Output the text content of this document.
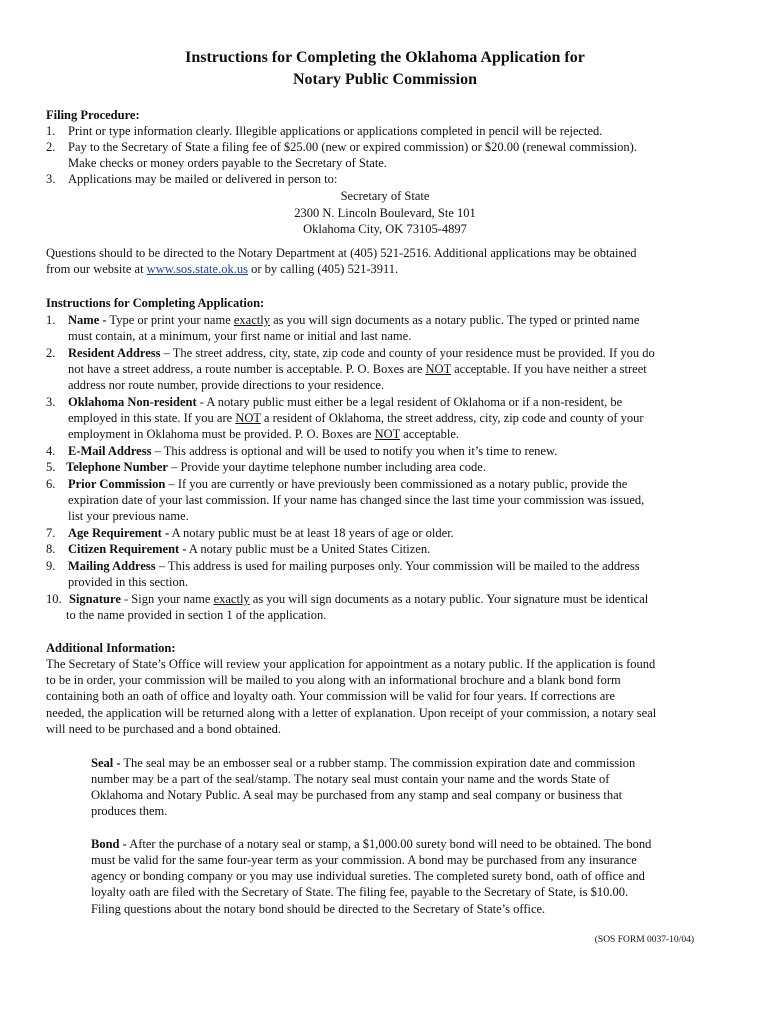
Instructions for Completing the Oklahoma Application for
Notary Public Commission
Filing Procedure:
1. Print or type information clearly. Illegible applications or applications completed in pencil will be rejected.
2. Pay to the Secretary of State a filing fee of $25.00 (new or expired commission) or $20.00 (renewal commission).
Make checks or money orders payable to the Secretary of State.
3. Applications may be mailed or delivered in person to:
Secretary of State
2300 N. Lincoln Boulevard, Ste 101
Oklahoma City, OK 73105-4897
Questions should to be directed to the Notary Department at (405) 521-2516. Additional applications may be obtained
from our website at www.sos.state.ok.us or by calling (405) 521-3911.
Instructions for Completing Application:
1. Name - Type or print your name exactly as you will sign documents as a notary public. The typed or printed name
must contain, at a minimum, your first name or initial and last name.
2. Resident Address – The street address, city, state, zip code and county of your residence must be provided. If you do
not have a street address, a route number is acceptable. P. O. Boxes are NOT acceptable. If you have neither a street
address nor route number, provide directions to your residence.
3. Oklahoma Non-resident - A notary public must either be a legal resident of Oklahoma or if a non-resident, be
employed in this state. If you are NOT a resident of Oklahoma, the street address, city, zip code and county of your
employment in Oklahoma must be provided. P. O. Boxes are NOT acceptable.
4. E-Mail Address – This address is optional and will be used to notify you when it’s time to renew.
5. Telephone Number – Provide your daytime telephone number including area code.
6. Prior Commission – If you are currently or have previously been commissioned as a notary public, provide the
expiration date of your last commission. If your name has changed since the last time your commission was issued,
list your previous name.
7. Age Requirement - A notary public must be at least 18 years of age or older.
8. Citizen Requirement - A notary public must be a United States Citizen.
9. Mailing Address – This address is used for mailing purposes only. Your commission will be mailed to the address
provided in this section.
10. Signature - Sign your name exactly as you will sign documents as a notary public. Your signature must be identical
to the name provided in section 1 of the application.
Additional Information:
The Secretary of State’s Office will review your application for appointment as a notary public. If the application is found
to be in order, your commission will be mailed to you along with an informational brochure and a blank bond form
containing both an oath of office and loyalty oath. Your commission will be valid for four years. If corrections are
needed, the application will be returned along with a letter of explanation. Upon receipt of your commission, a notary seal
will need to be purchased and a bond obtained.
Seal - The seal may be an embosser seal or a rubber stamp. The commission expiration date and commission
number may be a part of the seal/stamp. The notary seal must contain your name and the words State of
Oklahoma and Notary Public. A seal may be purchased from any stamp and seal company or business that
produces them.
Bond - After the purchase of a notary seal or stamp, a $1,000.00 surety bond will need to be obtained. The bond
must be valid for the same four-year term as your commission. A bond may be purchased from any insurance
agency or bonding company or you may use individual sureties. The completed surety bond, oath of office and
loyalty oath are filed with the Secretary of State. The filing fee, payable to the Secretary of State, is $10.00.
Filing questions about the notary bond should be directed to the Secretary of State’s office.
(SOS FORM 0037-10/04)
